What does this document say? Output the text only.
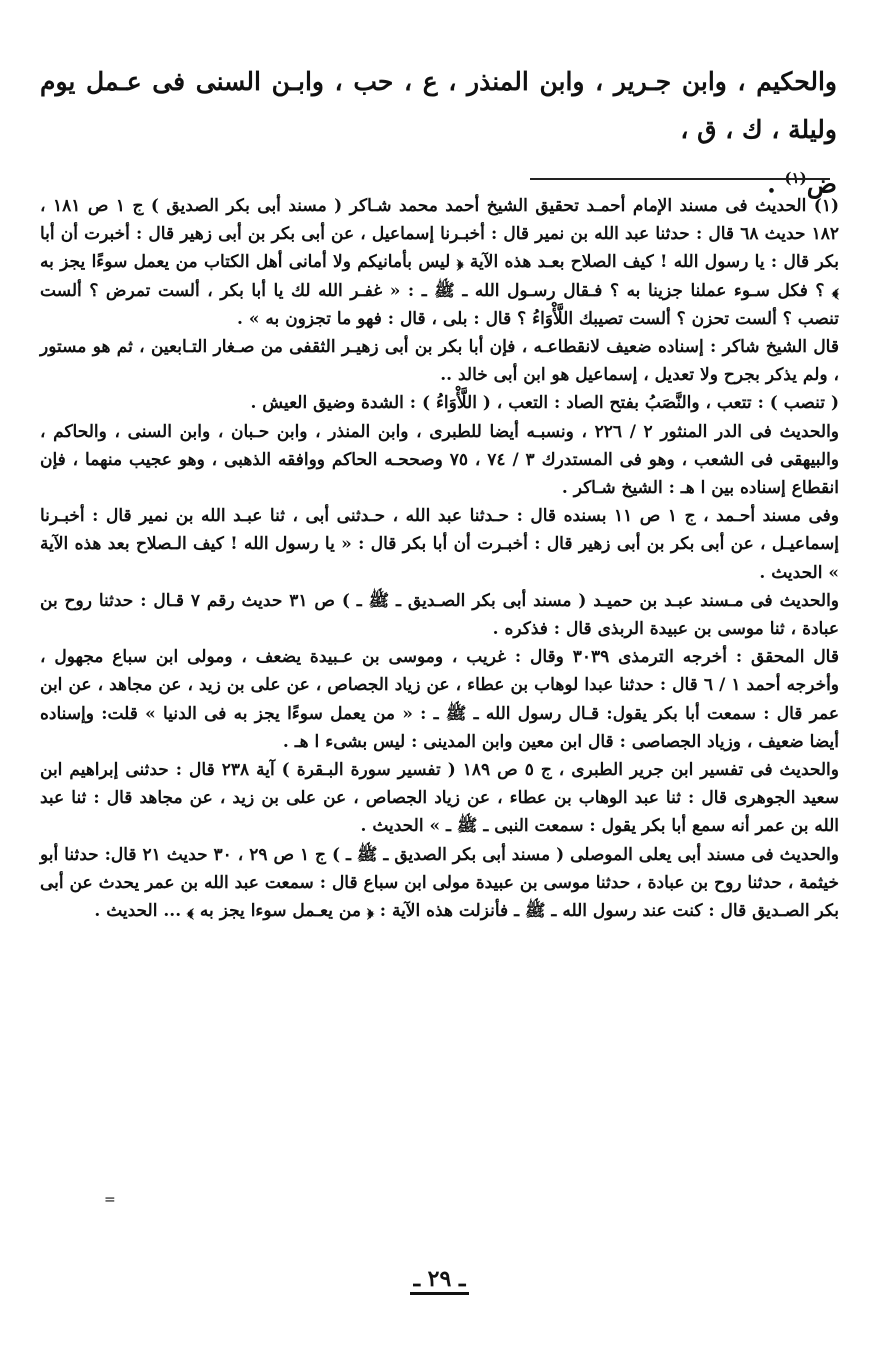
والحكيم ، وابن جـرير ، وابن المنذر ، ع ، حب ، وابـن السنى فى عـمل يوم وليلة ، ك ، ق ،
ض$^{(١)}$ .

(١) الحديث فى مسند الإمام أحمـد تحقيق الشيخ أحمد محمد شـاكر ( مسند أبى بكر الصديق ) ج ١ ص ١٨١ ، ١٨٢ حديث ٦٨ قال : حدثنا عبد الله بن نمير قال : أخبـرنا إسماعيل ، عن أبى بكر بن أبى زهير قال : أخبرت أن أبا بكر قال : يا رسول الله ! كيف الصلاح بعـد هذه الآية ﴿ ليس بأمانيكم ولا أمانى أهل الكتاب من يعمل سوءًا يجز به ﴾ ؟ فكل سـوء عملنا جزينا به ؟ فـقال رسـول الله ـ ﷺ ـ : « غفـر الله لك يا أبا بكر ، ألست تمرض ؟ ألست تنصب ؟ ألست تحزن ؟ ألست تصيبك اللَّأْوَاءُ ؟ قال : بلى ، قال : فهو ما تجزون به » .

قال الشيخ شاكر : إسناده ضعيف لانقطاعـه ، فإن أبا بكر بن أبى زهيـر الثقفى من صـغار التـابعين ، ثم هو مستور ، ولم يذكر بجرح ولا تعديل ، إسماعيل هو ابن أبى خالد ..

( تنصب ) : تتعب ، والنَّصَبُ بفتح الصاد : التعب ، ( اللَّأْوَاءُ ) : الشدة وضيق العيش .

والحديث فى الدر المنثور ٢ / ٢٢٦ ، ونسبـه أيضا للطبرى ، وابن المنذر ، وابن حـبان ، وابن السنى ، والحاكم ، والبيهقى فى الشعب ، وهو فى المستدرك ٣ / ٧٤ ، ٧٥ وصححـه الحاكم ووافقه الذهبى ، وهو عجيب منهما ، فإن انقطاع إسناده بين ا هـ : الشيخ شـاكر .

وفى مسند أحـمد ، ج ١ ص ١١ بسنده قال : حـدثنا عبد الله ، حـدثنى أبى ، ثنا عبـد الله بن نمير قال : أخبـرنا إسماعيـل ، عن أبى بكر بن أبى زهير قال : أخبـرت أن أبا بكر قال : « يا رسول الله ! كيف الـصلاح بعد هذه الآية » الحديث .

والحديث فى مـسند عبـد بن حميـد ( مسند أبى بكر الصـديق ـ ﷺ ـ ) ص ٣١ حديث رقم ٧ قـال : حدثنا روح بن عبادة ، ثنا موسى بن عبيدة الربذى قال : فذكره .

قال المحقق : أخرجه الترمذى ٣٠٣٩ وقال : غريب ، وموسى بن عـبيدة يضعف ، ومولى ابن سباع مجهول ، وأخرجه أحمد ١ / ٦ قال : حدثنا عبدا لوهاب بن عطاء ، عن زياد الجصاص ، عن على بن زيد ، عن مجاهد ، عن ابن عمر قال : سمعت أبا بكر يقول: قـال رسول الله ـ ﷺ ـ : « من يعمل سوءًا يجز به فى الدنيا » قلت: وإسناده أيضا ضعيف ، وزياد الجصاصى : قال ابن معين وابن المدينى : ليس بشىء ا هـ .

والحديث فى تفسير ابن جرير الطبرى ، ج ٥ ص ١٨٩ ( تفسير سورة البـقرة ) آية ٢٣٨ قال : حدثنى إبراهيم ابن سعيد الجوهرى قال : ثنا عبد الوهاب بن عطاء ، عن زياد الجصاص ، عن على بن زيد ، عن مجاهد قال : ثنا عبد الله بن عمر أنه سمع أبا بكر يقول : سمعت النبى ـ ﷺ ـ » الحديث .

والحديث فى مسند أبى يعلى الموصلى ( مسند أبى بكر الصديق ـ ﷺ ـ ) ج ١ ص ٢٩ ، ٣٠ حديث ٢١ قال: حدثنا أبو خيثمة ، حدثنا روح بن عبادة ، حدثنا موسى بن عبيدة مولى ابن سباع قال : سمعت عبد الله بن عمر يحدث عن أبى بكر الصـديق قال : كنت عند رسول الله ـ ﷺ ـ فأنزلت هذه الآية : ﴿ من يعـمل سوءا يجز به ﴾ ... الحديث .

=
ـ ٢٩ ـ
